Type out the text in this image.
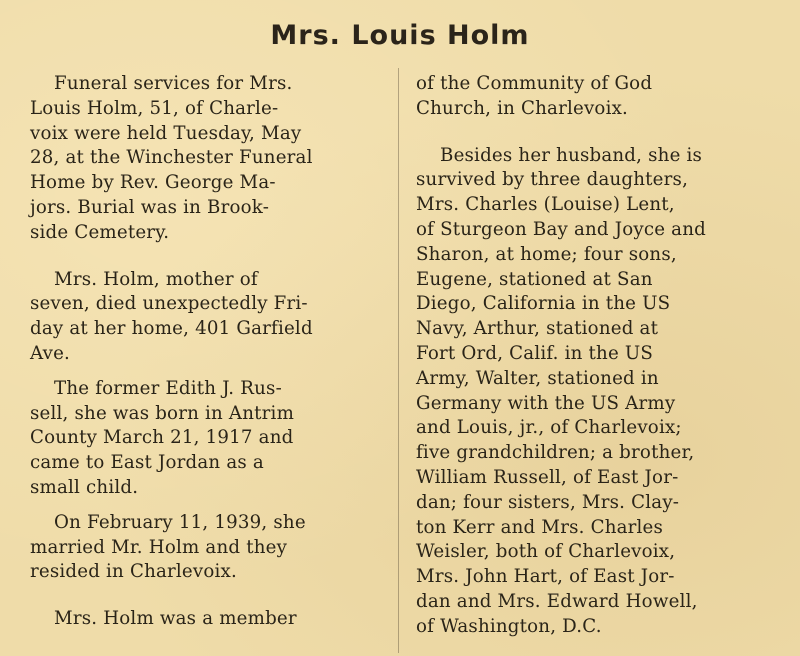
Mrs. Louis Holm
Funeral services for Mrs.
Louis Holm, 51, of Charle-
voix were held Tuesday, May
28, at the Winchester Funeral
Home by Rev. George Ma-
jors. Burial was in Brook-
side Cemetery.
Mrs. Holm, mother of
seven, died unexpectedly Fri-
day at her home, 401 Garfield
Ave.
The former Edith J. Rus-
sell, she was born in Antrim
County March 21, 1917 and
came to East Jordan as a
small child.
On February 11, 1939, she
married Mr. Holm and they
resided in Charlevoix.
Mrs. Holm was a member
of the Community of God
Church, in Charlevoix.
Besides her husband, she is
survived by three daughters,
Mrs. Charles (Louise) Lent,
of Sturgeon Bay and Joyce and
Sharon, at home; four sons,
Eugene, stationed at San
Diego, California in the US
Navy, Arthur, stationed at
Fort Ord, Calif. in the US
Army, Walter, stationed in
Germany with the US Army
and Louis, jr., of Charlevoix;
five grandchildren; a brother,
William Russell, of East Jor-
dan; four sisters, Mrs. Clay-
ton Kerr and Mrs. Charles
Weisler, both of Charlevoix,
Mrs. John Hart, of East Jor-
dan and Mrs. Edward Howell,
of Washington, D.C.
